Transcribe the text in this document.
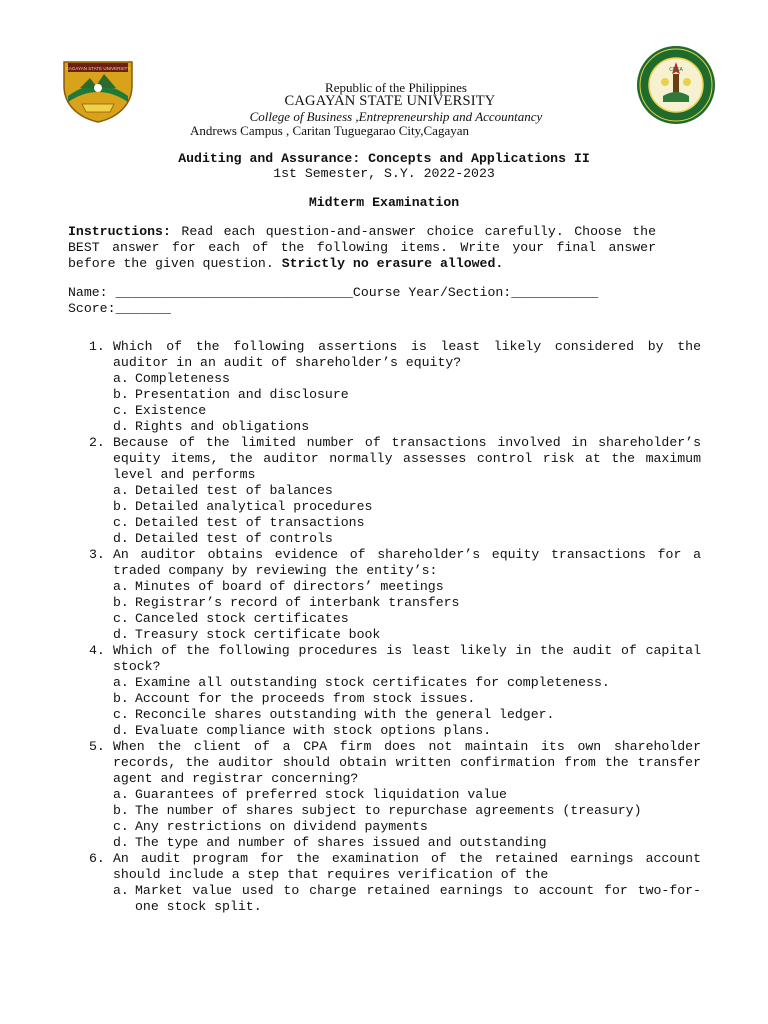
CAGAYAN STATE UNIVERSITY	CBEA
Republic of the Philippines
CAGAYAN STATE UNIVERSITY
College of Business ,Entrepreneurship and Accountancy
Andrews Campus , Caritan Tuguegarao City,Cagayan
Auditing and Assurance: Concepts and Applications II
1st Semester, S.Y. 2022-2023
Midterm Examination
Instructions: Read each question-and-answer choice carefully. Choose the BEST answer for each of the following items. Write your final answer before the given question. Strictly no erasure allowed.
Name: ______________________________Course Year/Section:___________
Score:_______
1. Which of the following assertions is least likely considered by the auditor in an audit of shareholder’s equity?
a. Completeness
b. Presentation and disclosure
c. Existence
d. Rights and obligations
2. Because of the limited number of transactions involved in shareholder’s equity items, the auditor normally assesses control risk at the maximum level and performs
a. Detailed test of balances
b. Detailed analytical procedures
c. Detailed test of transactions
d. Detailed test of controls
3. An auditor obtains evidence of shareholder’s equity transactions for a traded company by reviewing the entity’s:
a. Minutes of board of directors’ meetings
b. Registrar’s record of interbank transfers
c. Canceled stock certificates
d. Treasury stock certificate book
4. Which of the following procedures is least likely in the audit of capital stock?
a. Examine all outstanding stock certificates for completeness.
b. Account for the proceeds from stock issues.
c. Reconcile shares outstanding with the general ledger.
d. Evaluate compliance with stock options plans.
5. When the client of a CPA firm does not maintain its own shareholder records, the auditor should obtain written confirmation from the transfer agent and registrar concerning?
a. Guarantees of preferred stock liquidation value
b. The number of shares subject to repurchase agreements (treasury)
c. Any restrictions on dividend payments
d. The type and number of shares issued and outstanding
6. An audit program for the examination of the retained earnings account should include a step that requires verification of the
a. Market value used to charge retained earnings to account for two-for-one stock split.
